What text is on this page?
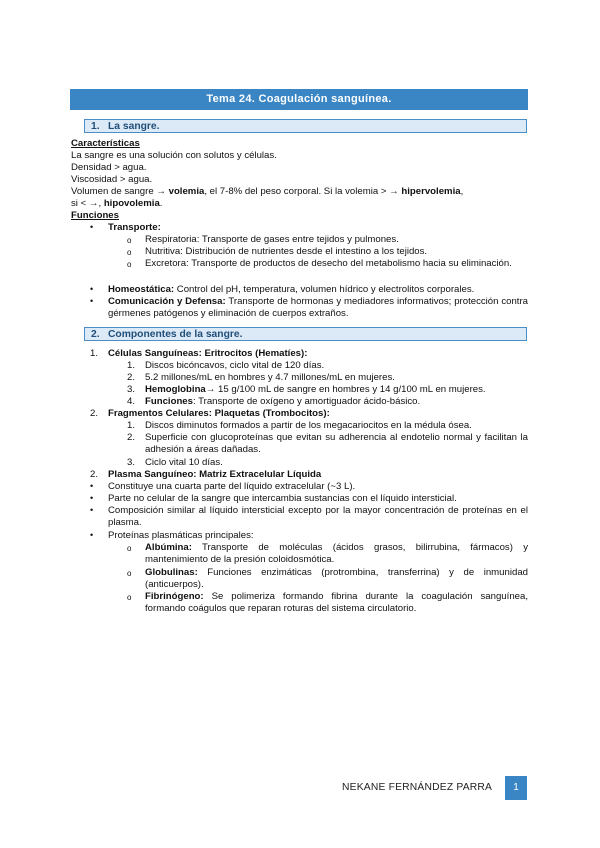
Tema 24. Coagulación sanguínea.
1. La sangre.
Características
La sangre es una solución con solutos y células.
Densidad > agua.
Viscosidad > agua.
Volumen de sangre → volemia, el 7-8% del peso corporal. Si la volemia > → hipervolemia,
si < →, hipovolemia.
Funciones
• Transporte:
o Respiratoria: Transporte de gases entre tejidos y pulmones.
o Nutritiva: Distribución de nutrientes desde el intestino a los tejidos.
o Excretora: Transporte de productos de desecho del metabolismo hacia su eliminación.
• Homeostática: Control del pH, temperatura, volumen hídrico y electrolitos corporales.
• Comunicación y Defensa: Transporte de hormonas y mediadores informativos; protección contra gérmenes patógenos y eliminación de cuerpos extraños.
2. Componentes de la sangre.
1. Células Sanguíneas: Eritrocitos (Hematíes):
1. Discos bicóncavos, ciclo vital de 120 días.
2. 5.2 millones/mL en hombres y 4.7 millones/mL en mujeres.
3. Hemoglobina→ 15 g/100 mL de sangre en hombres y 14 g/100 mL en mujeres.
4. Funciones: Transporte de oxígeno y amortiguador ácido-básico.
2. Fragmentos Celulares: Plaquetas (Trombocitos):
1. Discos diminutos formados a partir de los megacariocitos en la médula ósea.
2. Superficie con glucoproteínas que evitan su adherencia al endotelio normal y facilitan la adhesión a áreas dañadas.
3. Ciclo vital 10 días.
2. Plasma Sanguíneo: Matriz Extracelular Líquida
• Constituye una cuarta parte del líquido extracelular (~3 L).
• Parte no celular de la sangre que intercambia sustancias con el líquido intersticial.
• Composición similar al líquido intersticial excepto por la mayor concentración de proteínas en el plasma.
• Proteínas plasmáticas principales:
o Albúmina: Transporte de moléculas (ácidos grasos, bilirrubina, fármacos) y mantenimiento de la presión coloidosmótica.
o Globulinas: Funciones enzimáticas (protrombina, transferrina) y de inmunidad (anticuerpos).
o Fibrinógeno: Se polimeriza formando fibrina durante la coagulación sanguínea, formando coágulos que reparan roturas del sistema circulatorio.
NEKANE FERNÁNDEZ PARRA	1
